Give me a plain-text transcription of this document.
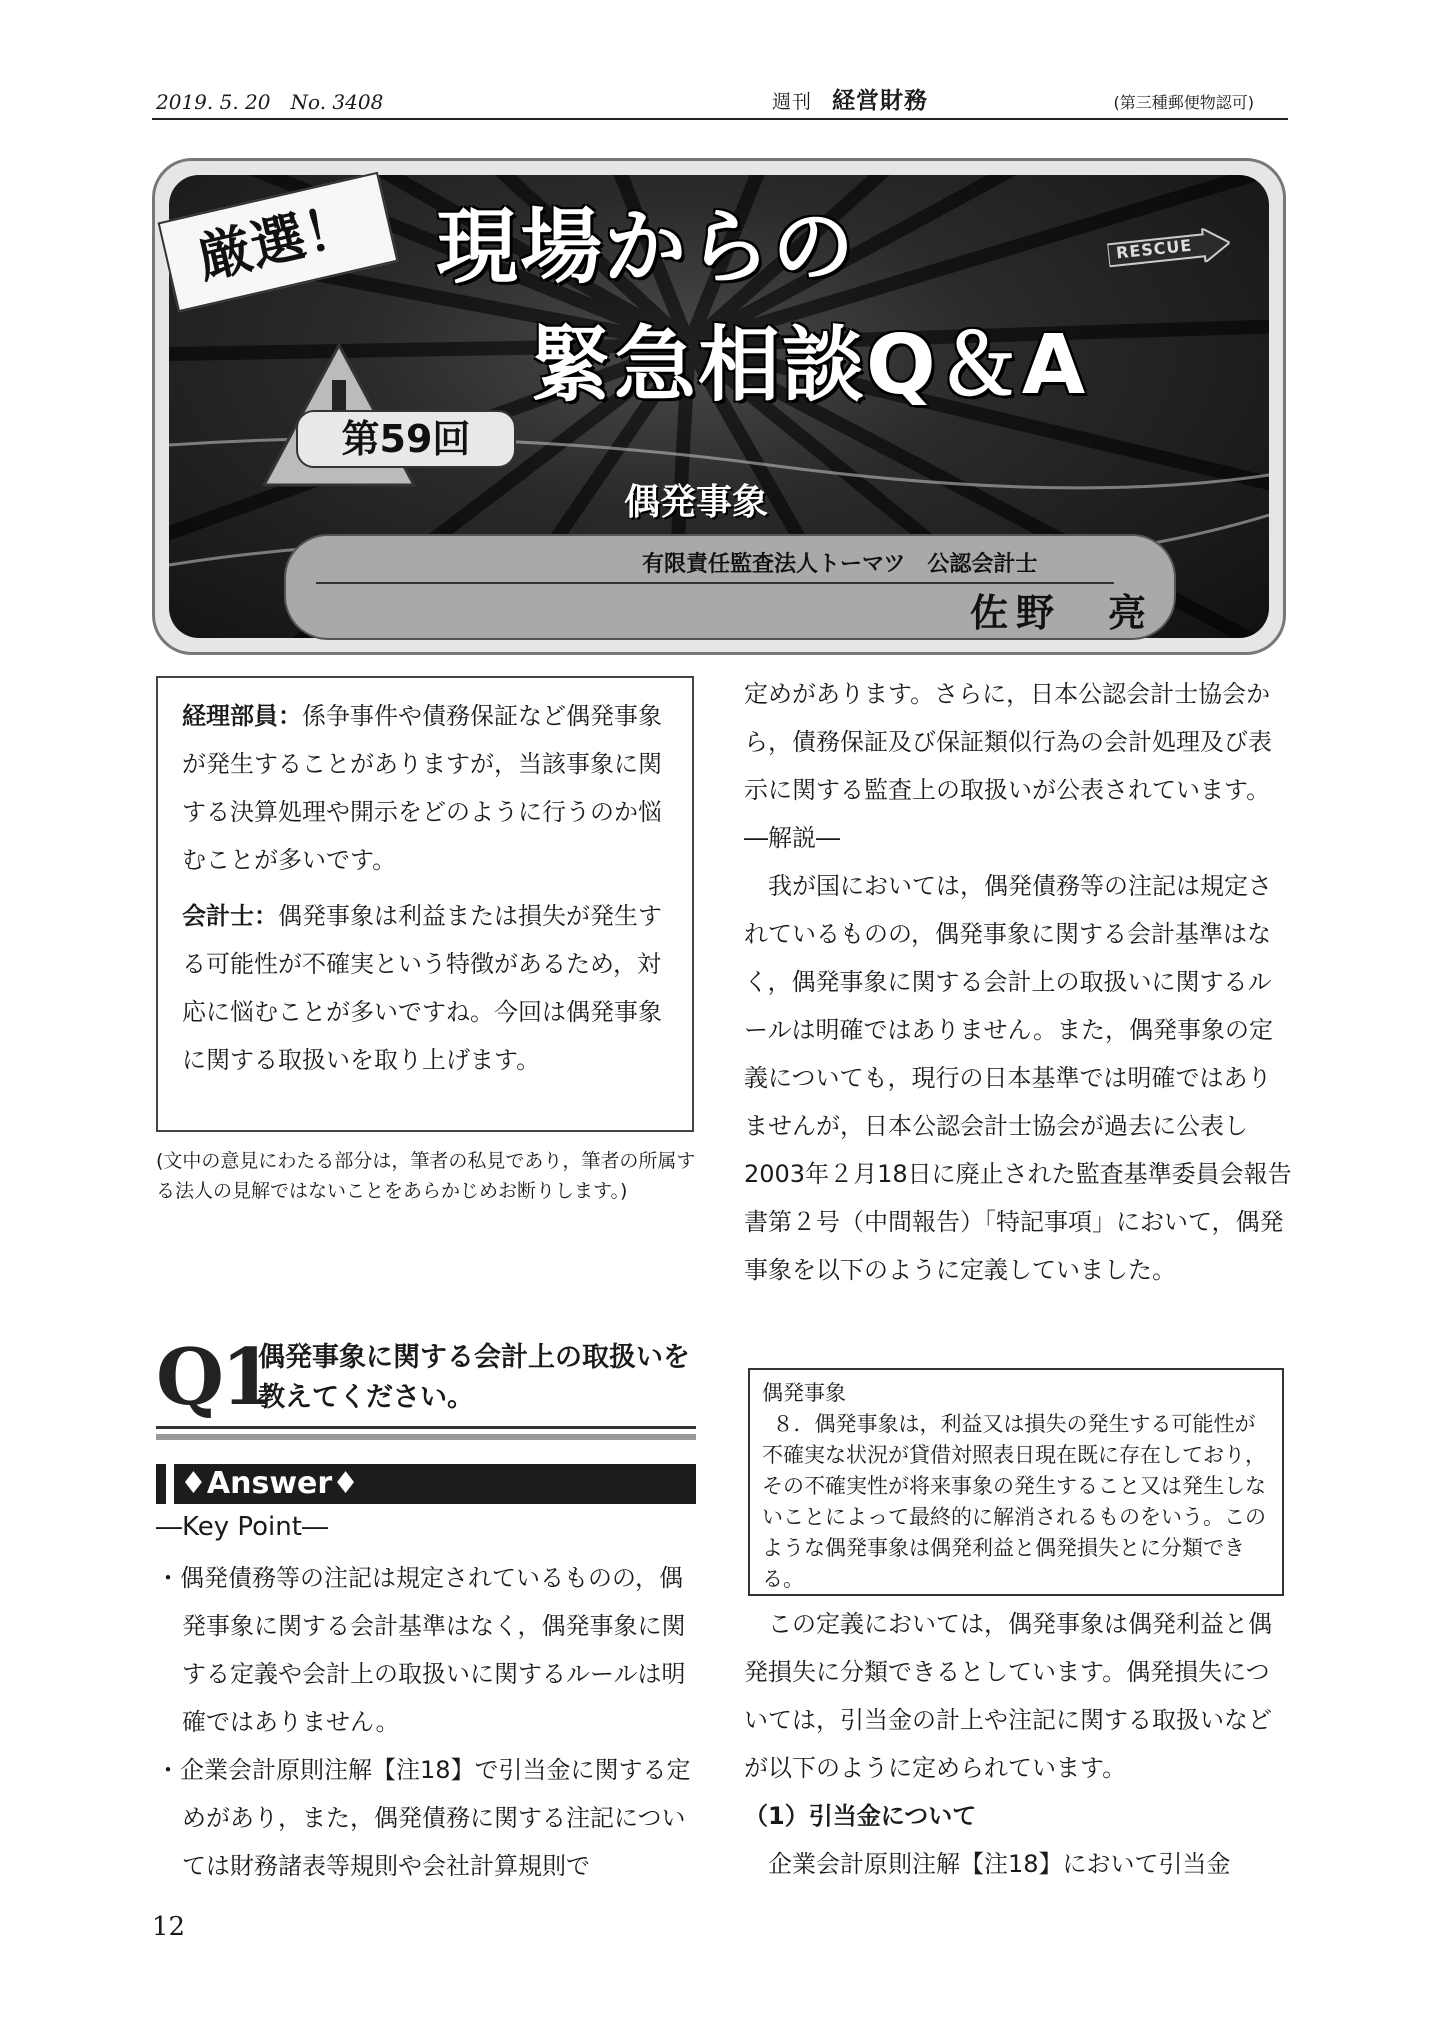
2019. 5. 20　No. 3408	週刊 経営財務	(第三種郵便物認可)
厳選！ 現場からの
緊急相談Q＆A
RESCUE
第59回
偶発事象
有限責任監査法人トーマツ　公認会計士
佐野　亮

経理部員：係争事件や債務保証など偶発事象が発生することがありますが，当該事象に関する決算処理や開示をどのように行うのか悩むことが多いです。

会計士：偶発事象は利益または損失が発生する可能性が不確実という特徴があるため，対応に悩むことが多いですね。今回は偶発事象に関する取扱いを取り上げます。

(文中の意見にわたる部分は，筆者の私見であり，筆者の所属する法人の見解ではないことをあらかじめお断りします。)
Q1
偶発事象に関する会計上の取扱いを教えてください。
♦Answer♦
―Key Point―
・偶発債務等の注記は規定されているものの，偶発事象に関する会計基準はなく，偶発事象に関する定義や会計上の取扱いに関するルールは明確ではありません。
・企業会計原則注解【注18】で引当金に関する定めがあり，また，偶発債務に関する注記については財務諸表等規則や会社計算規則で

定めがあります。さらに，日本公認会計士協会から，債務保証及び保証類似行為の会計処理及び表示に関する監査上の取扱いが公表されています。

―解説―

我が国においては，偶発債務等の注記は規定されているものの，偶発事象に関する会計基準はなく，偶発事象に関する会計上の取扱いに関するルールは明確ではありません。また，偶発事象の定義についても，現行の日本基準では明確ではありませんが，日本公認会計士協会が過去に公表し2003年２月18日に廃止された監査基準委員会報告書第２号（中間報告）「特記事項」において，偶発事象を以下のように定義していました。

偶発事象
８．偶発事象は，利益又は損失の発生する可能性が不確実な状況が貸借対照表日現在既に存在しており，その不確実性が将来事象の発生すること又は発生しないことによって最終的に解消されるものをいう。このような偶発事象は偶発利益と偶発損失とに分類できる。

この定義においては，偶発事象は偶発利益と偶発損失に分類できるとしています。偶発損失については，引当金の計上や注記に関する取扱いなどが以下のように定められています。

（1）引当金について

企業会計原則注解【注18】において引当金

12
